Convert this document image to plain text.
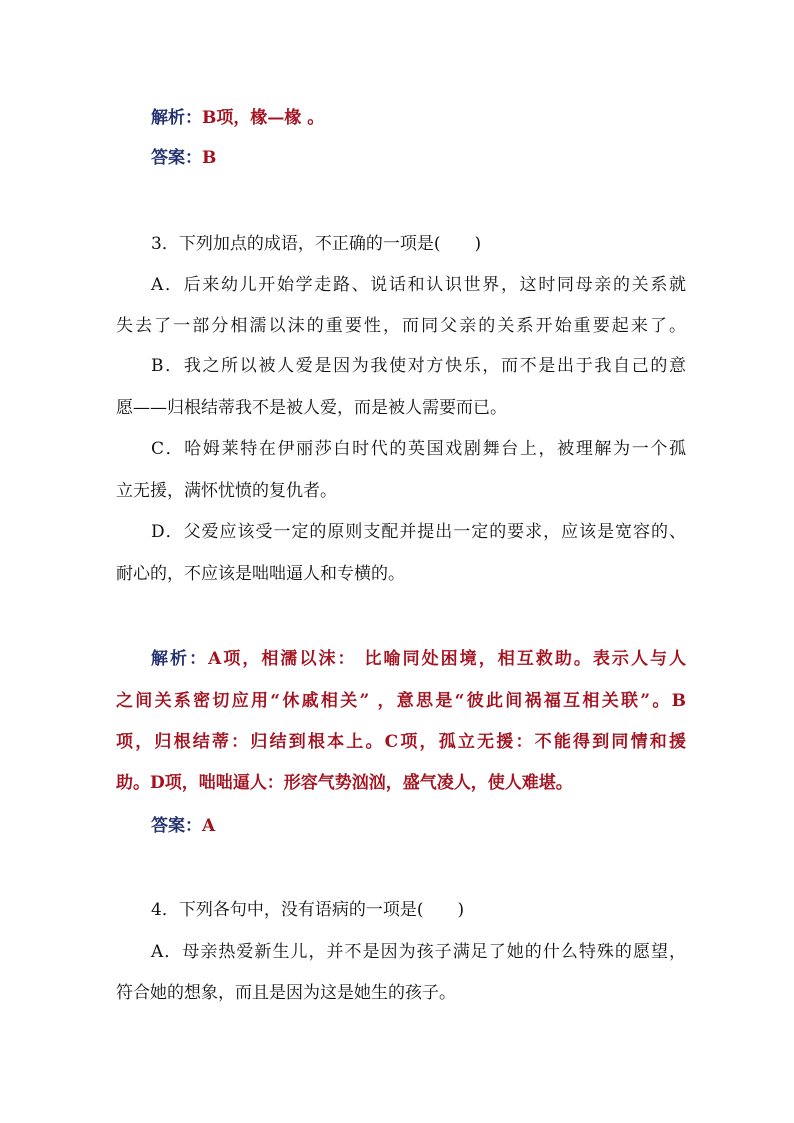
解析：B项，椽—椽 。
答案：B
3．下列加点的成语，不正确的一项是( )
A．后来幼儿开始学走路、说话和认识世界，这时同母亲的关系就
失去了一部分相濡以沫的重要性，而同父亲的关系开始重要起来了。
B．我之所以被人爱是因为我使对方快乐，而不是出于我自己的意
愿——归根结蒂我不是被人爱，而是被人需要而已。
C．哈姆莱特在伊丽莎白时代的英国戏剧舞台上，被理解为一个孤
立无援，满怀忧愤的复仇者。
D．父爱应该受一定的原则支配并提出一定的要求，应该是宽容的、
耐心的，不应该是咄咄逼人和专横的。
解析：A项，相濡以沫： 比喻同处困境，相互救助。表示人与人
之间关系密切应用“休戚相关” ，意思是“彼此间祸福互相关联”。B
项，归根结蒂：归结到根本上。C项，孤立无援：不能得到同情和援
助。D项，咄咄逼人：形容气势汹汹，盛气凌人，使人难堪。
答案：A
4．下列各句中，没有语病的一项是( )
A．母亲热爱新生儿，并不是因为孩子满足了她的什么特殊的愿望，
符合她的想象，而且是因为这是她生的孩子。
